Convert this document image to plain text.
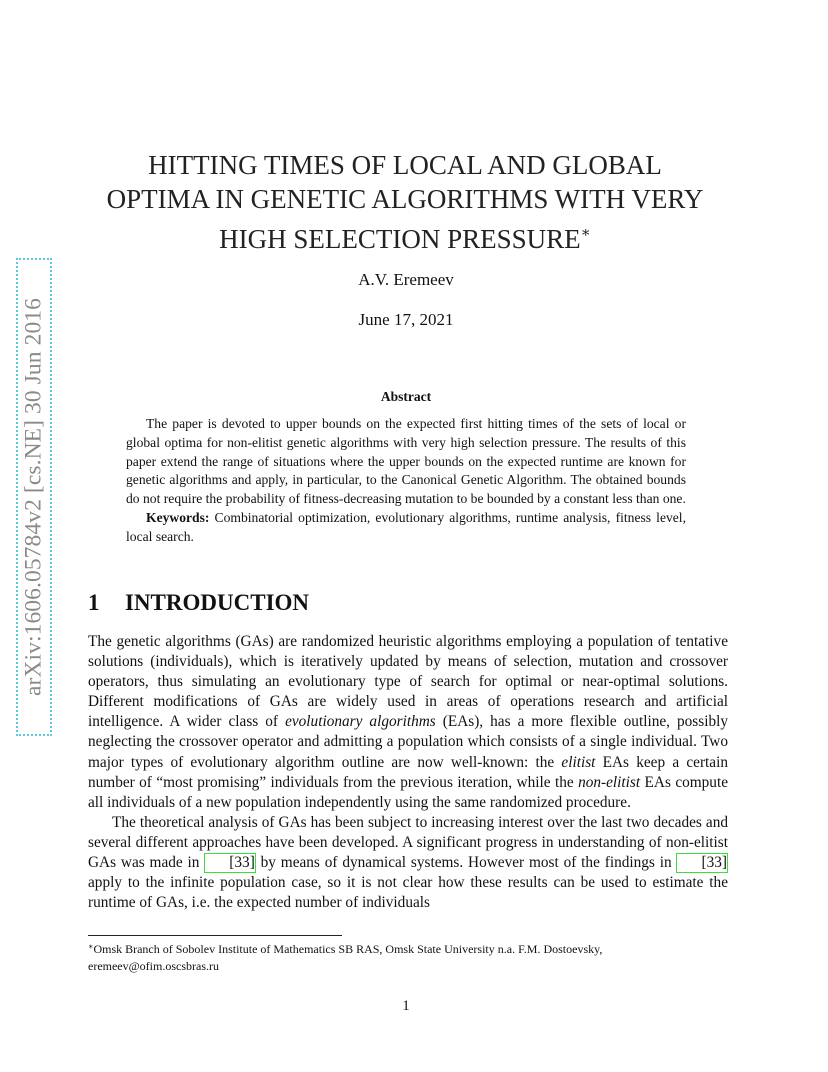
arXiv:1606.05784v2 [cs.NE] 30 Jun 2016
HITTING TIMES OF LOCAL AND GLOBAL
OPTIMA IN GENETIC ALGORITHMS WITH VERY
HIGH SELECTION PRESSURE∗
A.V. Eremeev
June 17, 2021
Abstract

The paper is devoted to upper bounds on the expected first hitting times of the sets of local or global optima for non-elitist genetic algorithms with very high selection pressure. The results of this paper extend the range of situations where the upper bounds on the expected runtime are known for genetic algorithms and apply, in particular, to the Canonical Genetic Algorithm. The obtained bounds do not require the probability of fitness-decreasing mutation to be bounded by a constant less than one.

Keywords: Combinatorial optimization, evolutionary algorithms, runtime analysis, fitness level, local search.

1 INTRODUCTION

The genetic algorithms (GAs) are randomized heuristic algorithms employing a population of tentative solutions (individuals), which is iteratively updated by means of selection, mutation and crossover operators, thus simulating an evolutionary type of search for optimal or near-optimal solutions. Different modifications of GAs are widely used in areas of operations research and artificial intelligence. A wider class of evolutionary algorithms (EAs), has a more flexible outline, possibly neglecting the crossover operator and admitting a population which consists of a single individual. Two major types of evolutionary algorithm outline are now well-known: the elitist EAs keep a certain number of “most promising” individuals from the previous iteration, while the non-elitist EAs compute all individuals of a new population independently using the same randomized procedure.

The theoretical analysis of GAs has been subject to increasing interest over the last two decades and several different approaches have been developed. A significant progress in understanding of non-elitist GAs was made in [33] by means of dynamical systems. However most of the findings in [33] apply to the infinite population case, so it is not clear how these results can be used to estimate the runtime of GAs, i.e. the expected number of individuals

∗Omsk Branch of Sobolev Institute of Mathematics SB RAS, Omsk State University n.a. F.M. Dostoevsky, eremeev@ofim.oscsbras.ru
1
